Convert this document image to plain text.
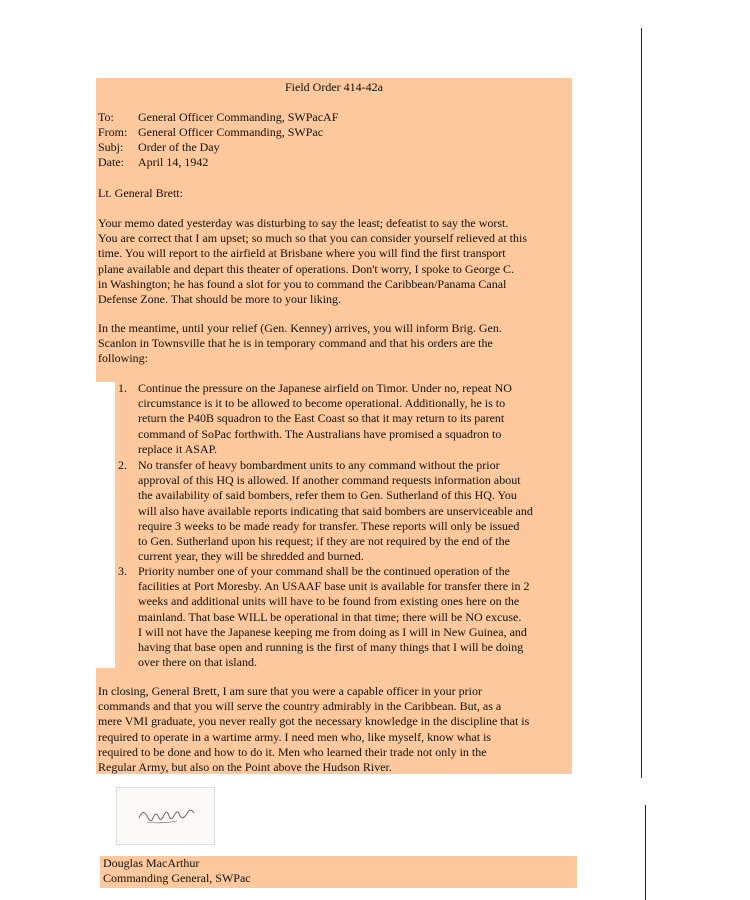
Field Order 414-42a
To: General Officer Commanding, SWPacAF
From: General Officer Commanding, SWPac
Subj: Order of the Day
Date: April 14, 1942
Lt. General Brett:
Your memo dated yesterday was disturbing to say the least; defeatist to say the worst.
You are correct that I am upset; so much so that you can consider yourself relieved at this
time. You will report to the airfield at Brisbane where you will find the first transport
plane available and depart this theater of operations. Don't worry, I spoke to George C.
in Washington; he has found a slot for you to command the Caribbean/Panama Canal
Defense Zone. That should be more to your liking.
In the meantime, until your relief (Gen. Kenney) arrives, you will inform Brig. Gen.
Scanlon in Townsville that he is in temporary command and that his orders are the
following:
1. Continue the pressure on the Japanese airfield on Timor. Under no, repeat NO
circumstance is it to be allowed to become operational. Additionally, he is to
return the P40B squadron to the East Coast so that it may return to its parent
command of SoPac forthwith. The Australians have promised a squadron to
replace it ASAP.
2. No transfer of heavy bombardment units to any command without the prior
approval of this HQ is allowed. If another command requests information about
the availability of said bombers, refer them to Gen. Sutherland of this HQ. You
will also have available reports indicating that said bombers are unserviceable and
require 3 weeks to be made ready for transfer. These reports will only be issued
to Gen. Sutherland upon his request; if they are not required by the end of the
current year, they will be shredded and burned.
3. Priority number one of your command shall be the continued operation of the
facilities at Port Moresby. An USAAF base unit is available for transfer there in 2
weeks and additional units will have to be found from existing ones here on the
mainland. That base WILL be operational in that time; there will be NO excuse.
I will not have the Japanese keeping me from doing as I will in New Guinea, and
having that base open and running is the first of many things that I will be doing
over there on that island.
In closing, General Brett, I am sure that you were a capable officer in your prior
commands and that you will serve the country admirably in the Caribbean. But, as a
mere VMI graduate, you never really got the necessary knowledge in the discipline that is
required to operate in a wartime army. I need men who, like myself, know what is
required to be done and how to do it. Men who learned their trade not only in the
Regular Army, but also on the Point above the Hudson River.
Douglas MacArthur
Commanding General, SWPac
